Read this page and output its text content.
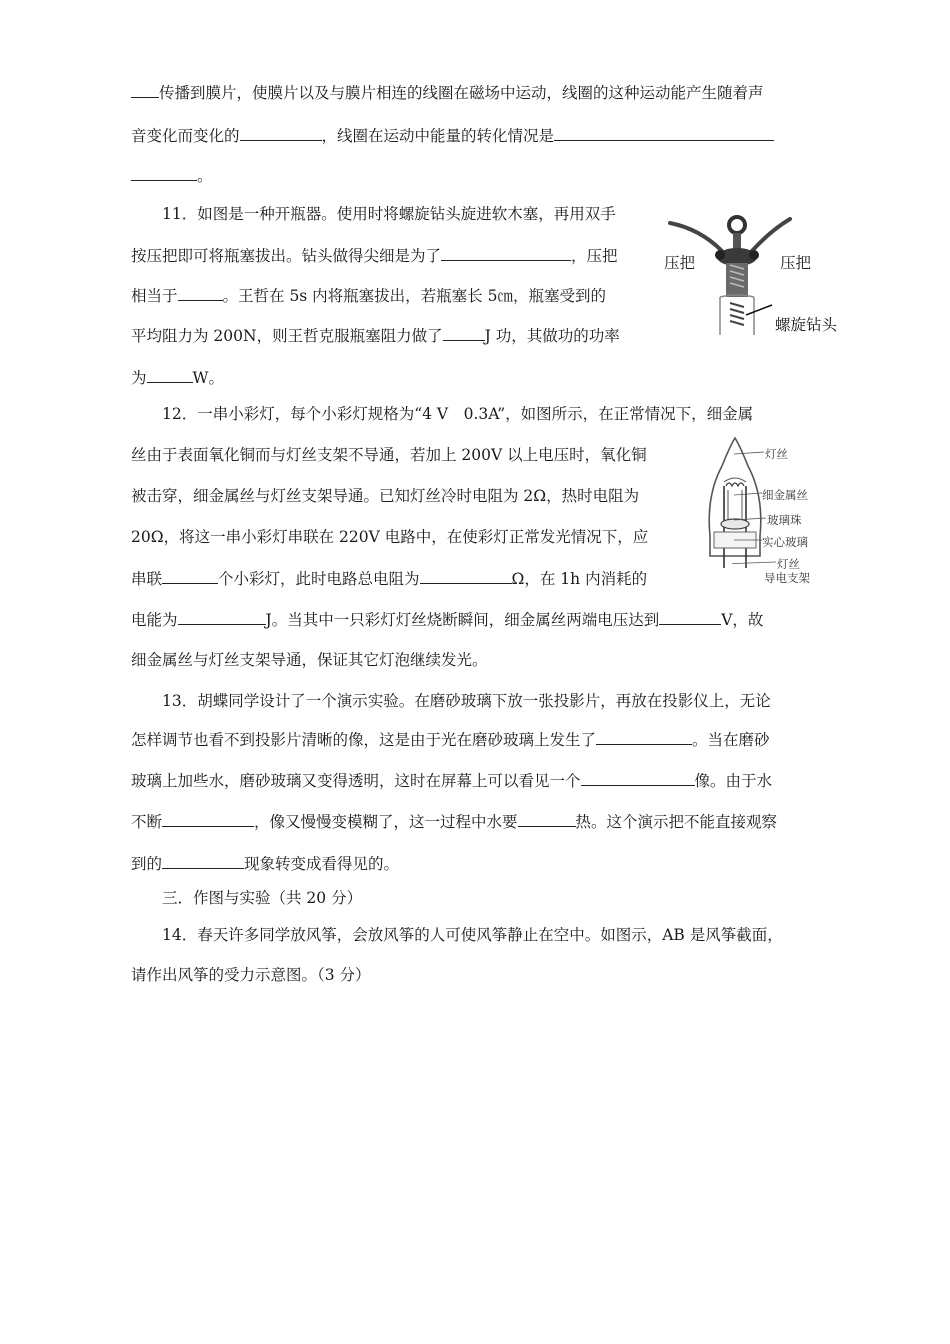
传播到膜片，使膜片以及与膜片相连的线圈在磁场中运动，线圈的这种运动能产生随着声
音变化而变化的	，线圈在运动中能量的转化情况是
。
11．如图是一种开瓶器。使用时将螺旋钻头旋进软木塞，再用双手
按压把即可将瓶塞拔出。钻头做得尖细是为了	，压把
相当于	。王哲在 5s 内将瓶塞拔出，若瓶塞长 5㎝，瓶塞受到的
平均阻力为 200N，则王哲克服瓶塞阻力做了	J 功，其做功的功率
为	W。
压把	压把
螺旋钻头
12．一串小彩灯，每个小彩灯规格为“4 V　0.3A”，如图所示，在正常情况下，细金属
丝由于表面氧化铜而与灯丝支架不导通，若加上 200V 以上电压时，氧化铜
被击穿，细金属丝与灯丝支架导通。已知灯丝冷时电阻为 2Ω，热时电阻为
20Ω，将这一串小彩灯串联在 220V 电路中，在使彩灯正常发光情况下，应
串联	个小彩灯，此时电路总电阻为	Ω，在 1h 内消耗的
电能为	J。当其中一只彩灯灯丝烧断瞬间，细金属丝两端电压达到	V，故
细金属丝与灯丝支架导通，保证其它灯泡继续发光。
灯丝
细金属丝
玻璃珠
实心玻璃
灯丝
导电支架
13．胡蝶同学设计了一个演示实验。在磨砂玻璃下放一张投影片，再放在投影仪上，无论
怎样调节也看不到投影片清晰的像，这是由于光在磨砂玻璃上发生了	。当在磨砂
玻璃上加些水，磨砂玻璃又变得透明，这时在屏幕上可以看见一个	像。由于水
不断	，像又慢慢变模糊了，这一过程中水要	热。这个演示把不能直接观察
到的	现象转变成看得见的。
三．作图与实验（共 20 分）
14．春天许多同学放风筝，会放风筝的人可使风筝静止在空中。如图示，AB 是风筝截面，
请作出风筝的受力示意图。（3 分）
